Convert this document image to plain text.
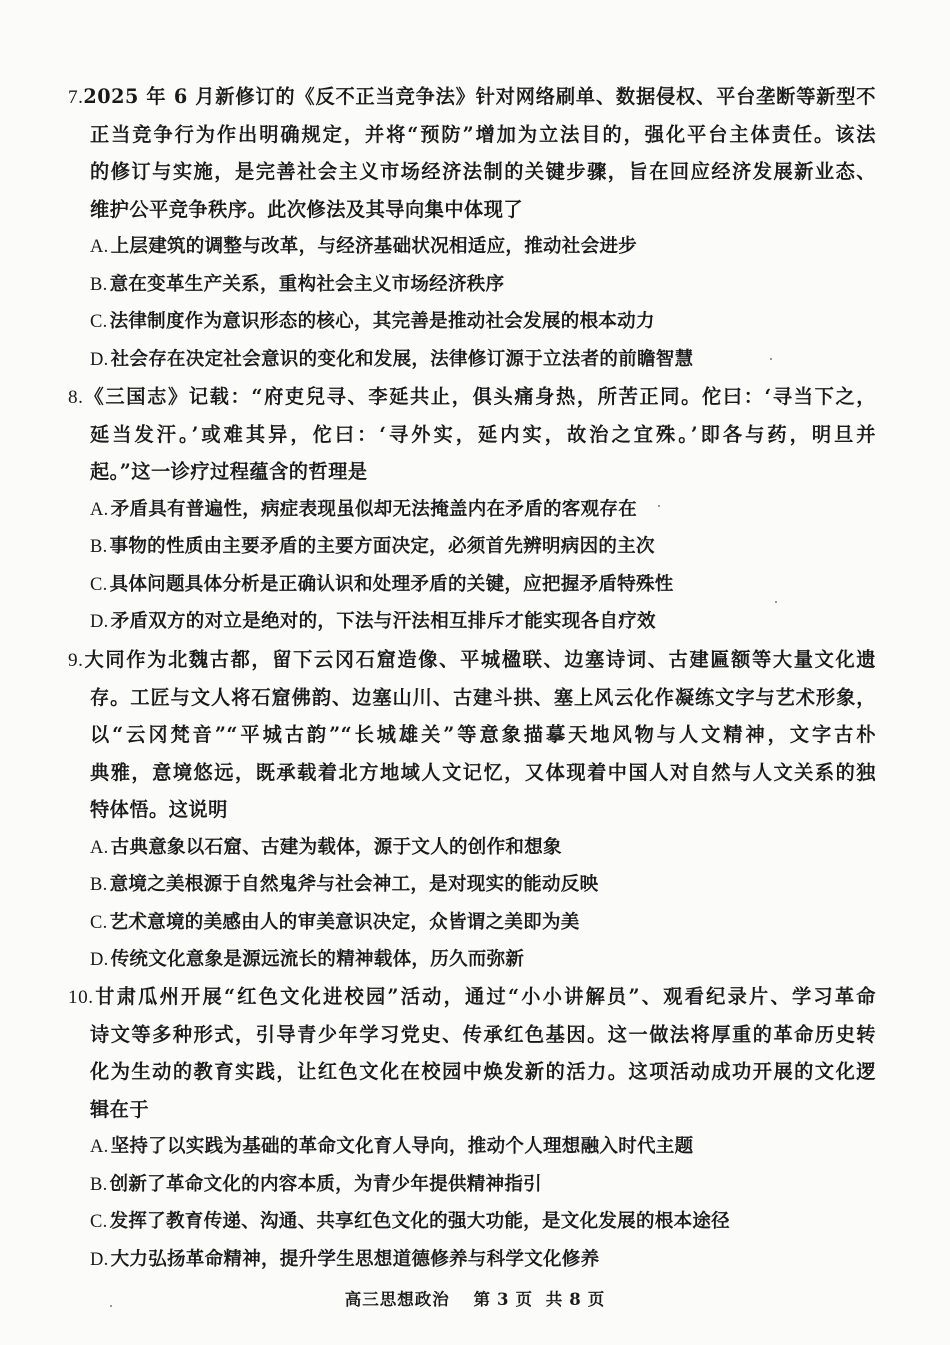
7.2025 年 6 月新修订的《反不正当竞争法》针对网络刷单、数据侵权、平台垄断等新型不
正当竞争行为作出明确规定，并将“预防”增加为立法目的，强化平台主体责任。该法
的修订与实施，是完善社会主义市场经济法制的关键步骤，旨在回应经济发展新业态、
维护公平竞争秩序。此次修法及其导向集中体现了
A. 上层建筑的调整与改革，与经济基础状况相适应，推动社会进步
B. 意在变革生产关系，重构社会主义市场经济秩序
C. 法律制度作为意识形态的核心，其完善是推动社会发展的根本动力
D. 社会存在决定社会意识的变化和发展，法律修订源于立法者的前瞻智慧
8.《三国志》记载：“府吏兒寻、李延共止，俱头痛身热，所苦正同。佗曰：‘寻当下之，
延当发汗。’或难其异，佗曰：‘寻外实，延内实，故治之宜殊。’即各与药，明旦并
起。”这一诊疗过程蕴含的哲理是
A. 矛盾具有普遍性，病症表现虽似却无法掩盖内在矛盾的客观存在
B. 事物的性质由主要矛盾的主要方面决定，必须首先辨明病因的主次
C. 具体问题具体分析是正确认识和处理矛盾的关键，应把握矛盾特殊性
D. 矛盾双方的对立是绝对的，下法与汗法相互排斥才能实现各自疗效
9.大同作为北魏古都，留下云冈石窟造像、平城楹联、边塞诗词、古建匾额等大量文化遗
存。工匠与文人将石窟佛韵、边塞山川、古建斗拱、塞上风云化作凝练文字与艺术形象，
以“云冈梵音”“平城古韵”“长城雄关”等意象描摹天地风物与人文精神，文字古朴
典雅，意境悠远，既承载着北方地域人文记忆，又体现着中国人对自然与人文关系的独
特体悟。这说明
A. 古典意象以石窟、古建为载体，源于文人的创作和想象
B. 意境之美根源于自然鬼斧与社会神工，是对现实的能动反映
C. 艺术意境的美感由人的审美意识决定，众皆谓之美即为美
D. 传统文化意象是源远流长的精神载体，历久而弥新
10.甘肃瓜州开展“红色文化进校园”活动，通过“小小讲解员”、观看纪录片、学习革命
诗文等多种形式，引导青少年学习党史、传承红色基因。这一做法将厚重的革命历史转
化为生动的教育实践，让红色文化在校园中焕发新的活力。这项活动成功开展的文化逻
辑在于
A. 坚持了以实践为基础的革命文化育人导向，推动个人理想融入时代主题
B. 创新了革命文化的内容本质，为青少年提供精神指引
C. 发挥了教育传递、沟通、共享红色文化的强大功能，是文化发展的根本途径
D. 大力弘扬革命精神，提升学生思想道德修养与科学文化修养
高三思想政治 第 3 页 共 8 页
